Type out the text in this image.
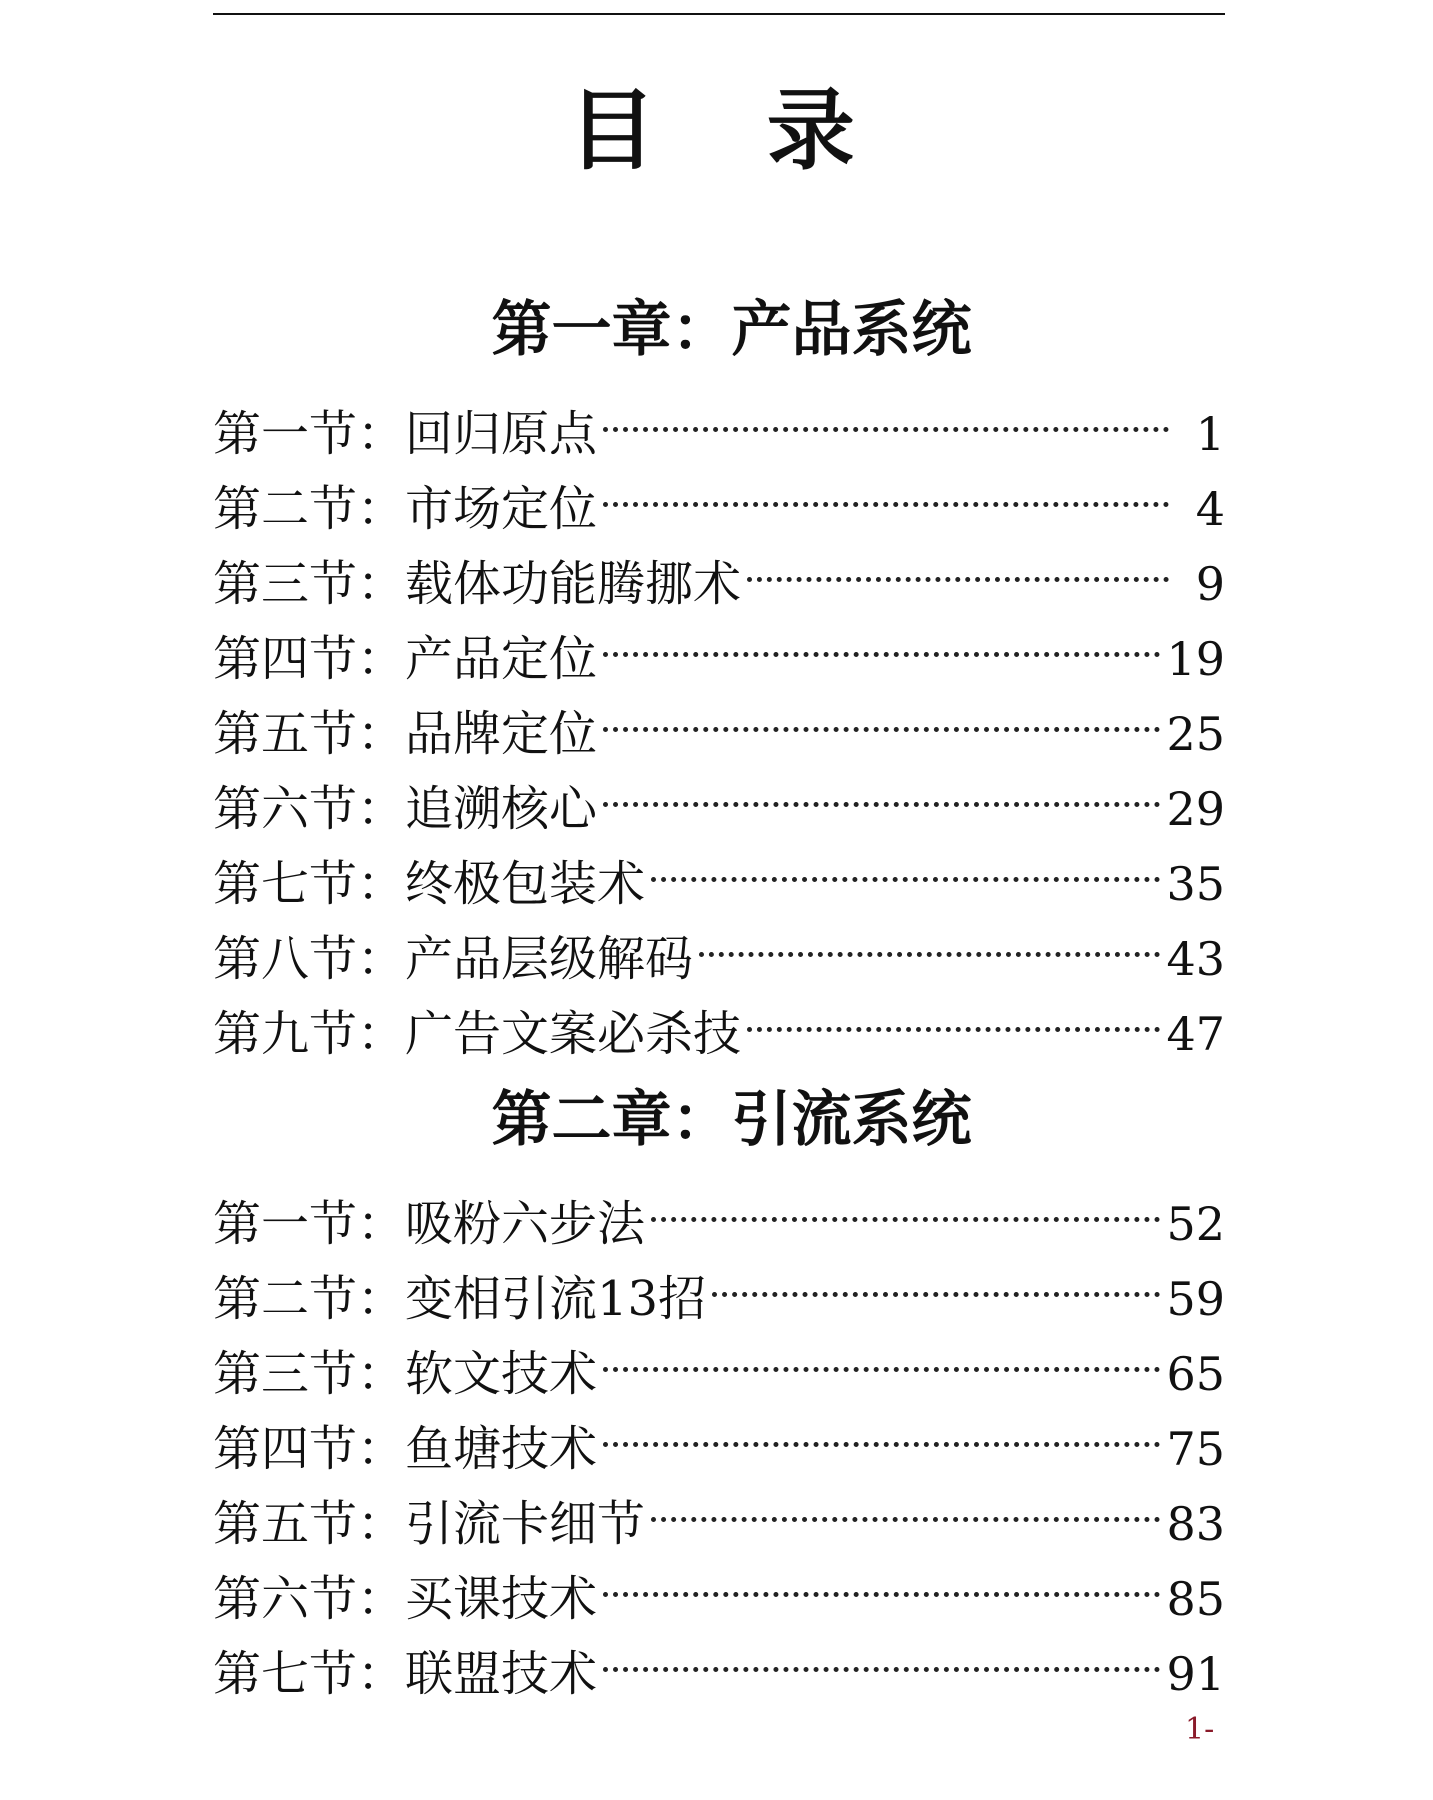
目 录
第一章：产品系统
第一节： 回归原点	1
第二节： 市场定位	4
第三节： 载体功能腾挪术	9
第四节： 产品定位	19
第五节： 品牌定位	25
第六节： 追溯核心	29
第七节： 终极包装术	35
第八节： 产品层级解码	43
第九节： 广告文案必杀技	47
第二章：引流系统
第一节： 吸粉六步法	52
第二节： 变相引流13招	59
第三节： 软文技术	65
第四节： 鱼塘技术	75
第五节： 引流卡细节	83
第六节： 买课技术	85
第七节： 联盟技术	91
1-
